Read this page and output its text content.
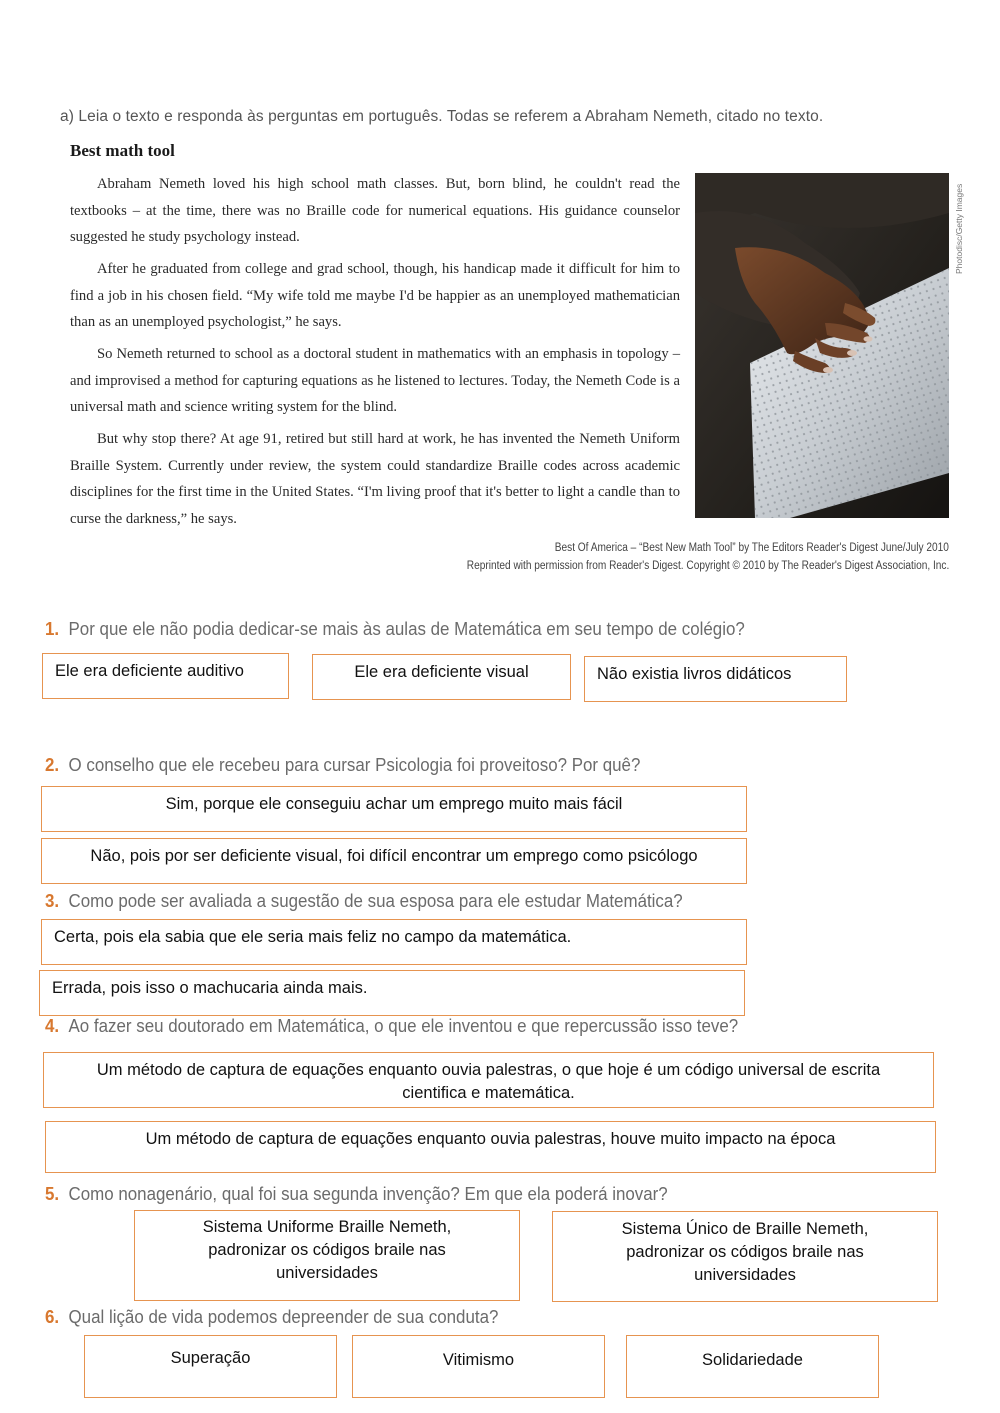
a) Leia o texto e responda às perguntas em português. Todas se referem a Abraham Nemeth, citado no texto.
Best math tool

Abraham Nemeth loved his high school math classes. But, born blind, he couldn't read the textbooks – at the time, there was no Braille code for numerical equations. His guidance counselor suggested he study psychology instead.

After he graduated from college and grad school, though, his handicap made it difficult for him to find a job in his chosen field. “My wife told me maybe I'd be happier as an unemployed mathematician than as an unemployed psychologist,” he says.

So Nemeth returned to school as a doctoral student in mathematics with an emphasis in topology – and improvised a method for capturing equations as he listened to lectures. Today, the Nemeth Code is a universal math and science writing system for the blind.

But why stop there? At age 91, retired but still hard at work, he has invented the Nemeth Uniform Braille System. Currently under review, the system could standardize Braille codes across academic disciplines for the first time in the United States. “I'm living proof that it's better to light a candle than to curse the darkness,” he says.

Photodisc/Getty Images
Best Of America – “Best New Math Tool” by The Editors Reader's Digest June/July 2010
Reprinted with permission from Reader's Digest. Copyright © 2010 by The Reader's Digest Association, Inc.
1. Por que ele não podia dedicar-se mais às aulas de Matemática em seu tempo de colégio?
Ele era deficiente auditivo	Ele era deficiente visual	Não existia livros didáticos
2. O conselho que ele recebeu para cursar Psicologia foi proveitoso? Por quê?
Sim, porque ele conseguiu achar um emprego muito mais fácil
Não, pois por ser deficiente visual, foi difícil encontrar um emprego como psicólogo
3. Como pode ser avaliada a sugestão de sua esposa para ele estudar Matemática?
Certa, pois ela sabia que ele seria mais feliz no campo da matemática.
Errada, pois isso o machucaria ainda mais.
4. Ao fazer seu doutorado em Matemática, o que ele inventou e que repercussão isso teve?
Um método de captura de equações enquanto ouvia palestras, o que hoje é um código universal de escrita cientifica e matemática.
Um método de captura de equações enquanto ouvia palestras, houve muito impacto na época
5. Como nonagenário, qual foi sua segunda invenção? Em que ela poderá inovar?
Sistema Uniforme Braille Nemeth, padronizar os códigos braile nas universidades
Sistema Único de Braille Nemeth, padronizar os códigos braile nas universidades
6. Qual lição de vida podemos depreender de sua conduta?
Superação	Vitimismo	Solidariedade
